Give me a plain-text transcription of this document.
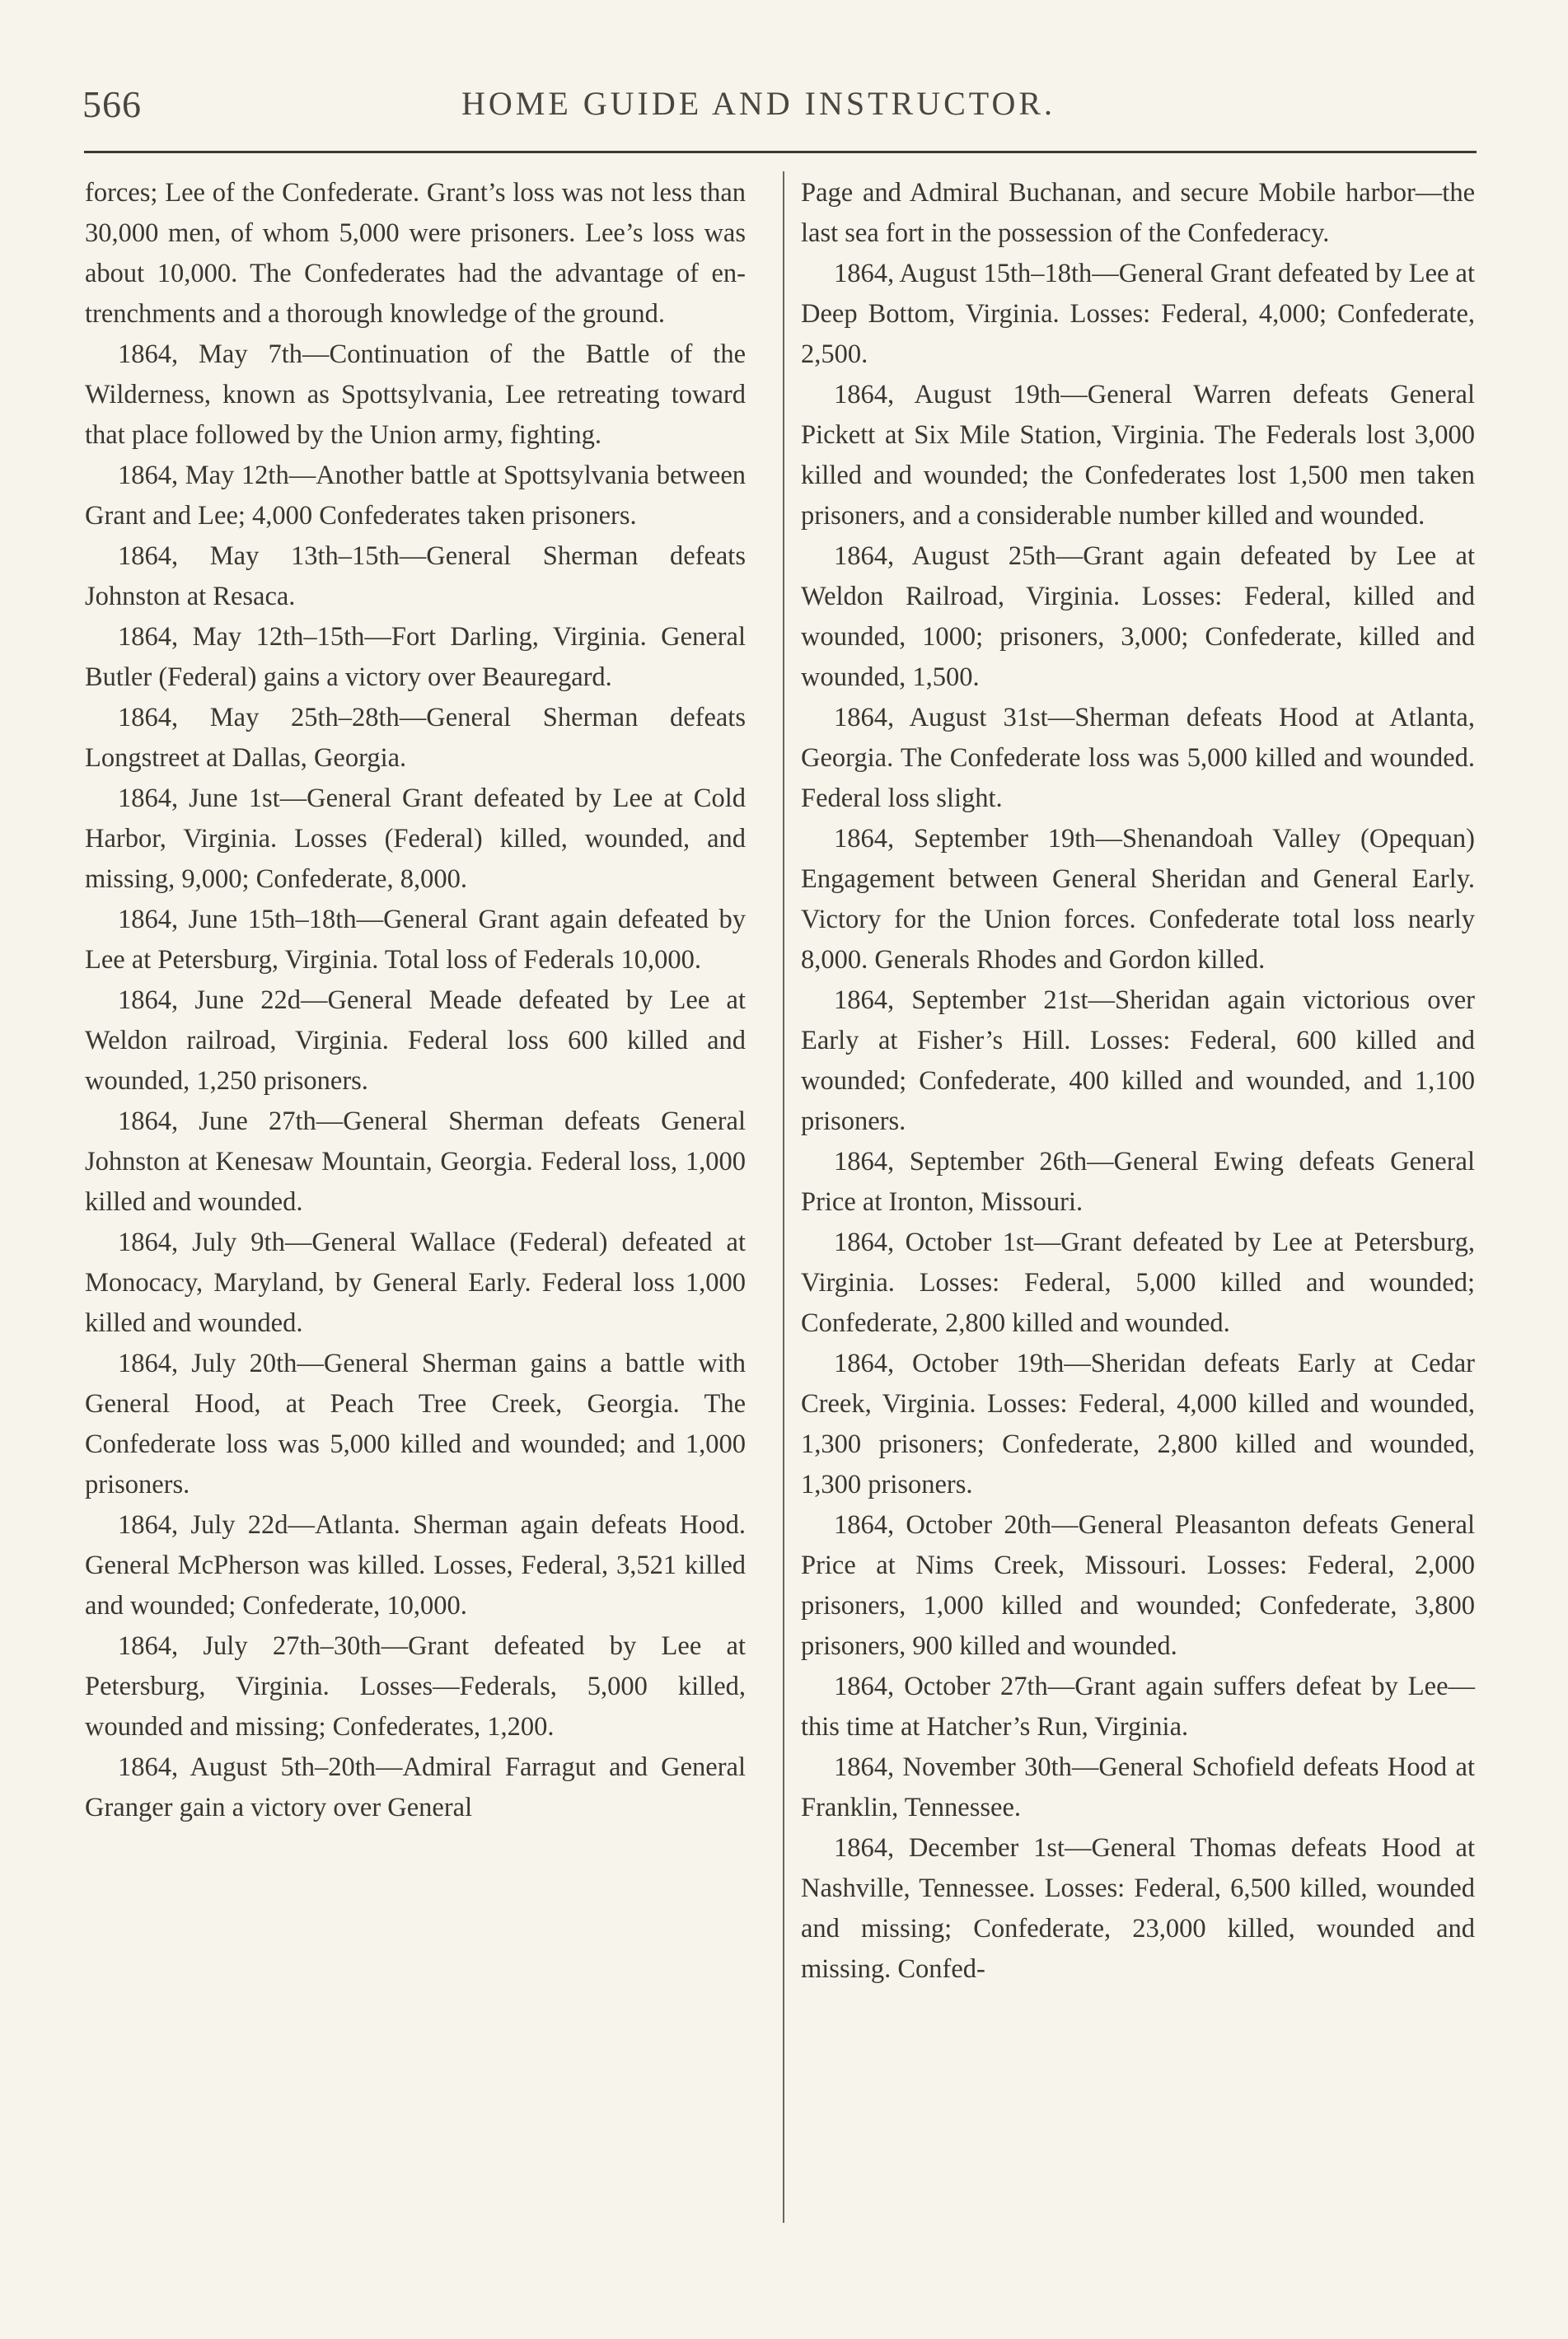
566	HOME GUIDE AND INSTRUCTOR.

forces; Lee of the Confederate. Grant’s loss was not less than 30,000 men, of whom 5,000 were prisoners. Lee’s loss was about 10,000. The Confederates had the advantage of entrenchments and a thorough knowledge of the ground.

1864, May 7th—Continuation of the Battle of the Wilderness, known as Spottsylvania, Lee retreating toward that place followed by the Union army, fighting.

1864, May 12th—Another battle at Spottsylvania between Grant and Lee; 4,000 Confederates taken prisoners.

1864, May 13th–15th—General Sherman defeats Johnston at Resaca.

1864, May 12th–15th—Fort Darling, Virginia. General Butler (Federal) gains a victory over Beauregard.

1864, May 25th–28th—General Sherman defeats Longstreet at Dallas, Georgia.

1864, June 1st—General Grant defeated by Lee at Cold Harbor, Virginia. Losses (Federal) killed, wounded, and missing, 9,000; Confederate, 8,000.

1864, June 15th–18th—General Grant again defeated by Lee at Petersburg, Virginia. Total loss of Federals 10,000.

1864, June 22d—General Meade defeated by Lee at Weldon railroad, Virginia. Federal loss 600 killed and wounded, 1,250 prisoners.

1864, June 27th—General Sherman defeats General Johnston at Kenesaw Mountain, Georgia. Federal loss, 1,000 killed and wounded.

1864, July 9th—General Wallace (Federal) defeated at Monocacy, Maryland, by General Early. Federal loss 1,000 killed and wounded.

1864, July 20th—General Sherman gains a battle with General Hood, at Peach Tree Creek, Georgia. The Confederate loss was 5,000 killed and wounded; and 1,000 prisoners.

1864, July 22d—Atlanta. Sherman again defeats Hood. General McPherson was killed. Losses, Federal, 3,521 killed and wounded; Confederate, 10,000.

1864, July 27th–30th—Grant defeated by Lee at Petersburg, Virginia. Losses—Federals, 5,000 killed, wounded and missing; Confederates, 1,200.

1864, August 5th–20th—Admiral Farragut and General Granger gain a victory over General

Page and Admiral Buchanan, and secure Mobile harbor—the last sea fort in the possession of the Confederacy.

1864, August 15th–18th—General Grant defeated by Lee at Deep Bottom, Virginia. Losses: Federal, 4,000; Confederate, 2,500.

1864, August 19th—General Warren defeats General Pickett at Six Mile Station, Virginia. The Federals lost 3,000 killed and wounded; the Confederates lost 1,500 men taken prisoners, and a considerable number killed and wounded.

1864, August 25th—Grant again defeated by Lee at Weldon Railroad, Virginia. Losses: Federal, killed and wounded, 1000; prisoners, 3,000; Confederate, killed and wounded, 1,500.

1864, August 31st—Sherman defeats Hood at Atlanta, Georgia. The Confederate loss was 5,000 killed and wounded. Federal loss slight.

1864, September 19th—Shenandoah Valley (Opequan) Engagement between General Sheridan and General Early. Victory for the Union forces. Confederate total loss nearly 8,000. Generals Rhodes and Gordon killed.

1864, September 21st—Sheridan again victorious over Early at Fisher’s Hill. Losses: Federal, 600 killed and wounded; Confederate, 400 killed and wounded, and 1,100 prisoners.

1864, September 26th—General Ewing defeats General Price at Ironton, Missouri.

1864, October 1st—Grant defeated by Lee at Petersburg, Virginia. Losses: Federal, 5,000 killed and wounded; Confederate, 2,800 killed and wounded.

1864, October 19th—Sheridan defeats Early at Cedar Creek, Virginia. Losses: Federal, 4,000 killed and wounded, 1,300 prisoners; Confederate, 2,800 killed and wounded, 1,300 prisoners.

1864, October 20th—General Pleasanton defeats General Price at Nims Creek, Missouri. Losses: Federal, 2,000 prisoners, 1,000 killed and wounded; Confederate, 3,800 prisoners, 900 killed and wounded.

1864, October 27th—Grant again suffers defeat by Lee—this time at Hatcher’s Run, Virginia.

1864, November 30th—General Schofield defeats Hood at Franklin, Tennessee.

1864, December 1st—General Thomas defeats Hood at Nashville, Tennessee. Losses: Federal, 6,500 killed, wounded and missing; Confederate, 23,000 killed, wounded and missing. Confed-
